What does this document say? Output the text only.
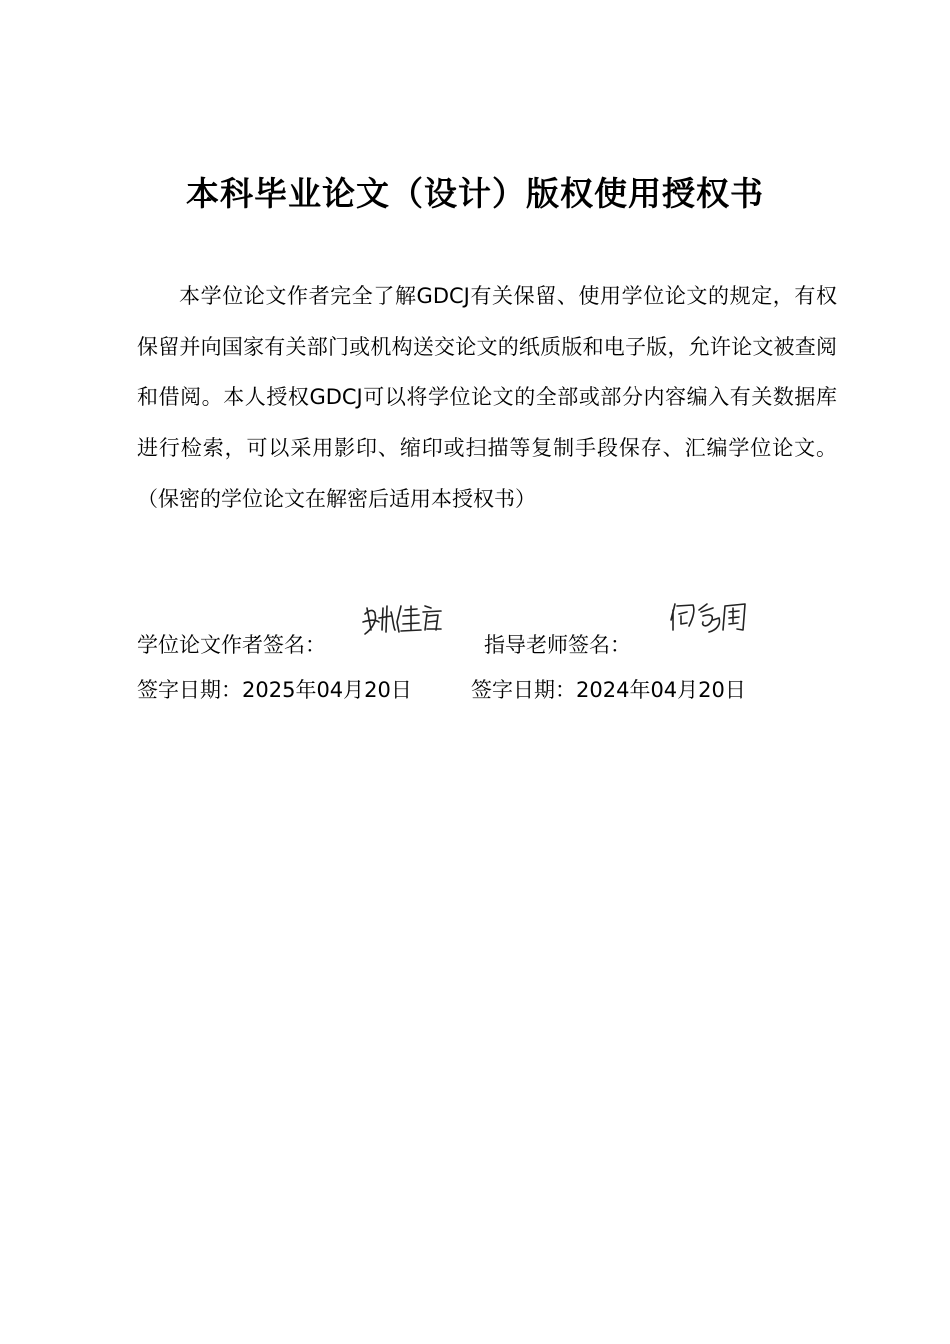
本科毕业论文（设计）版权使用授权书
本学位论文作者完全了解GDCJ有关保留、使用学位论文的规定，有权保留并向国家有关部门或机构送交论文的纸质版和电子版，允许论文被查阅和借阅。本人授权GDCJ可以将学位论文的全部或部分内容编入有关数据库进行检索，可以采用影印、缩印或扫描等复制手段保存、汇编学位论文。（保密的学位论文在解密后适用本授权书）
学位论文作者签名：	指导老师签名：
签字日期：2025年04月20日	签字日期：2024年04月20日
